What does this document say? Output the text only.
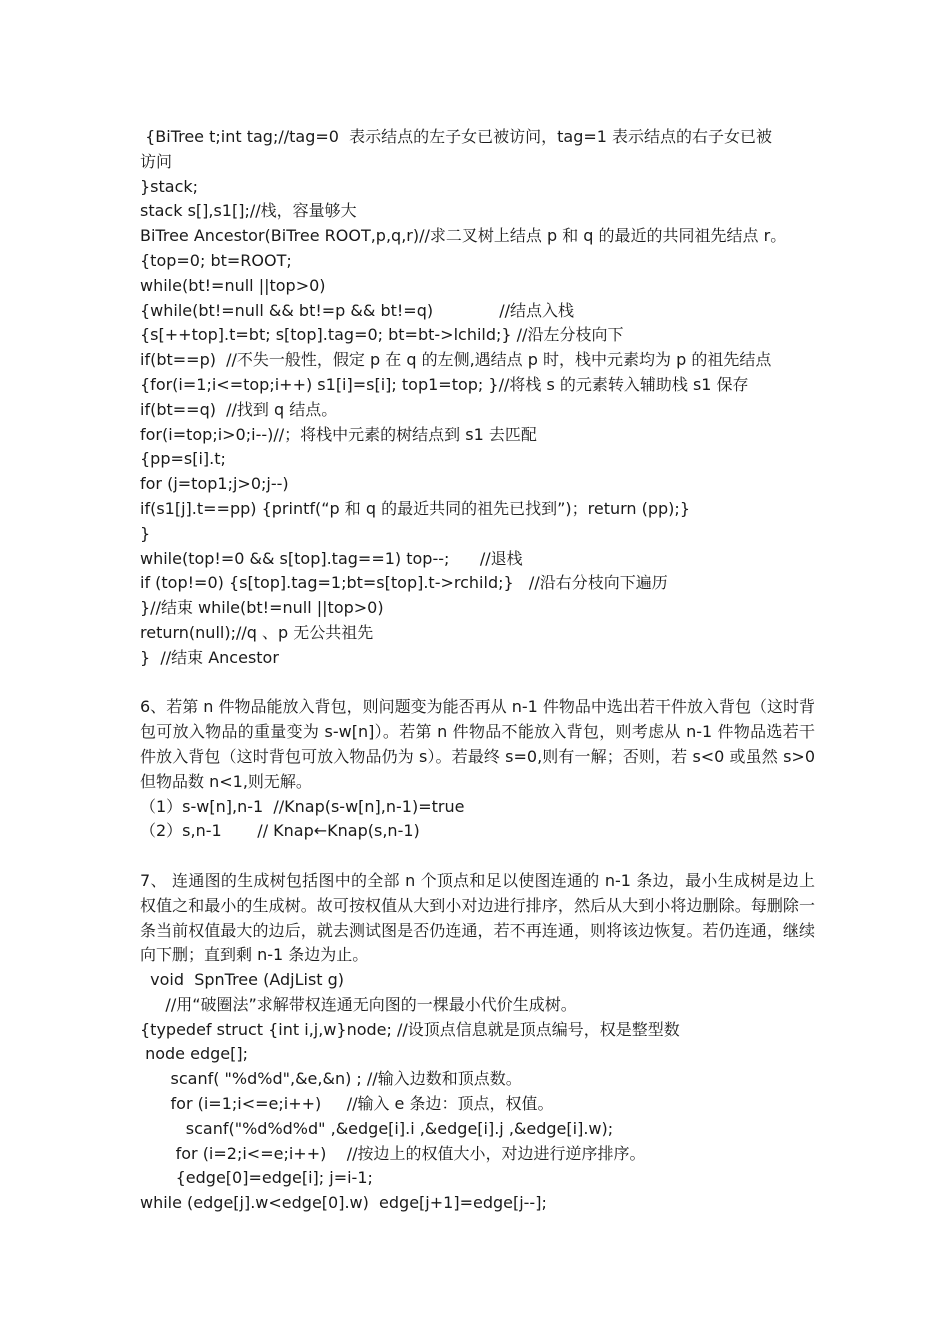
{BiTree t;int tag;//tag=0  表示结点的左子女已被访问，tag=1 表示结点的右子女已被
访问
}stack;
stack s[],s1[];//栈，容量够大
BiTree Ancestor(BiTree ROOT,p,q,r)//求二叉树上结点 p 和 q 的最近的共同祖先结点 r。
{top=0; bt=ROOT;
while(bt!=null ||top>0)
{while(bt!=null && bt!=p && bt!=q)             //结点入栈
{s[++top].t=bt; s[top].tag=0; bt=bt->lchild;} //沿左分枝向下
if(bt==p)  //不失一般性，假定 p 在 q 的左侧,遇结点 p 时，栈中元素均为 p 的祖先结点
{for(i=1;i<=top;i++) s1[i]=s[i]; top1=top; }//将栈 s 的元素转入辅助栈 s1 保存
if(bt==q)  //找到 q 结点。
for(i=top;i>0;i--)//；将栈中元素的树结点到 s1 去匹配
{pp=s[i].t;
for (j=top1;j>0;j--)
if(s1[j].t==pp) {printf(“p 和 q 的最近共同的祖先已找到”)；return (pp);}
}
while(top!=0 && s[top].tag==1) top--;      //退栈
if (top!=0) {s[top].tag=1;bt=s[top].t->rchild;}   //沿右分枝向下遍历
}//结束 while(bt!=null ||top>0)
return(null);//q 、p 无公共祖先
}  //结束 Ancestor
6、若第 n 件物品能放入背包，则问题变为能否再从 n-1 件物品中选出若干件放入背包（这时背包可放入物品的重量变为 s-w[n]）。若第 n 件物品不能放入背包，则考虑从 n-1 件物品选若干件放入背包（这时背包可放入物品仍为 s）。若最终 s=0,则有一解；否则，若 s<0 或虽然 s>0 但物品数 n<1,则无解。
（1）s-w[n],n-1  //Knap(s-w[n],n-1)=true
（2）s,n-1       // Knap←Knap(s,n-1)
7、 连通图的生成树包括图中的全部 n 个顶点和足以使图连通的 n-1 条边，最小生成树是边上权值之和最小的生成树。故可按权值从大到小对边进行排序，然后从大到小将边删除。每删除一条当前权值最大的边后，就去测试图是否仍连通，若不再连通，则将该边恢复。若仍连通，继续向下删；直到剩 n-1 条边为止。
void  SpnTree (AdjList g)
//用“破圈法”求解带权连通无向图的一棵最小代价生成树。
{typedef struct {int i,j,w}node; //设顶点信息就是顶点编号，权是整型数
node edge[];
scanf( "%d%d",&e,&n) ; //输入边数和顶点数。
for (i=1;i<=e;i++)     //输入 e 条边：顶点，权值。
scanf("%d%d%d" ,&edge[i].i ,&edge[i].j ,&edge[i].w);
for (i=2;i<=e;i++)    //按边上的权值大小，对边进行逆序排序。
{edge[0]=edge[i]; j=i-1;
while (edge[j].w<edge[0].w)  edge[j+1]=edge[j--];
